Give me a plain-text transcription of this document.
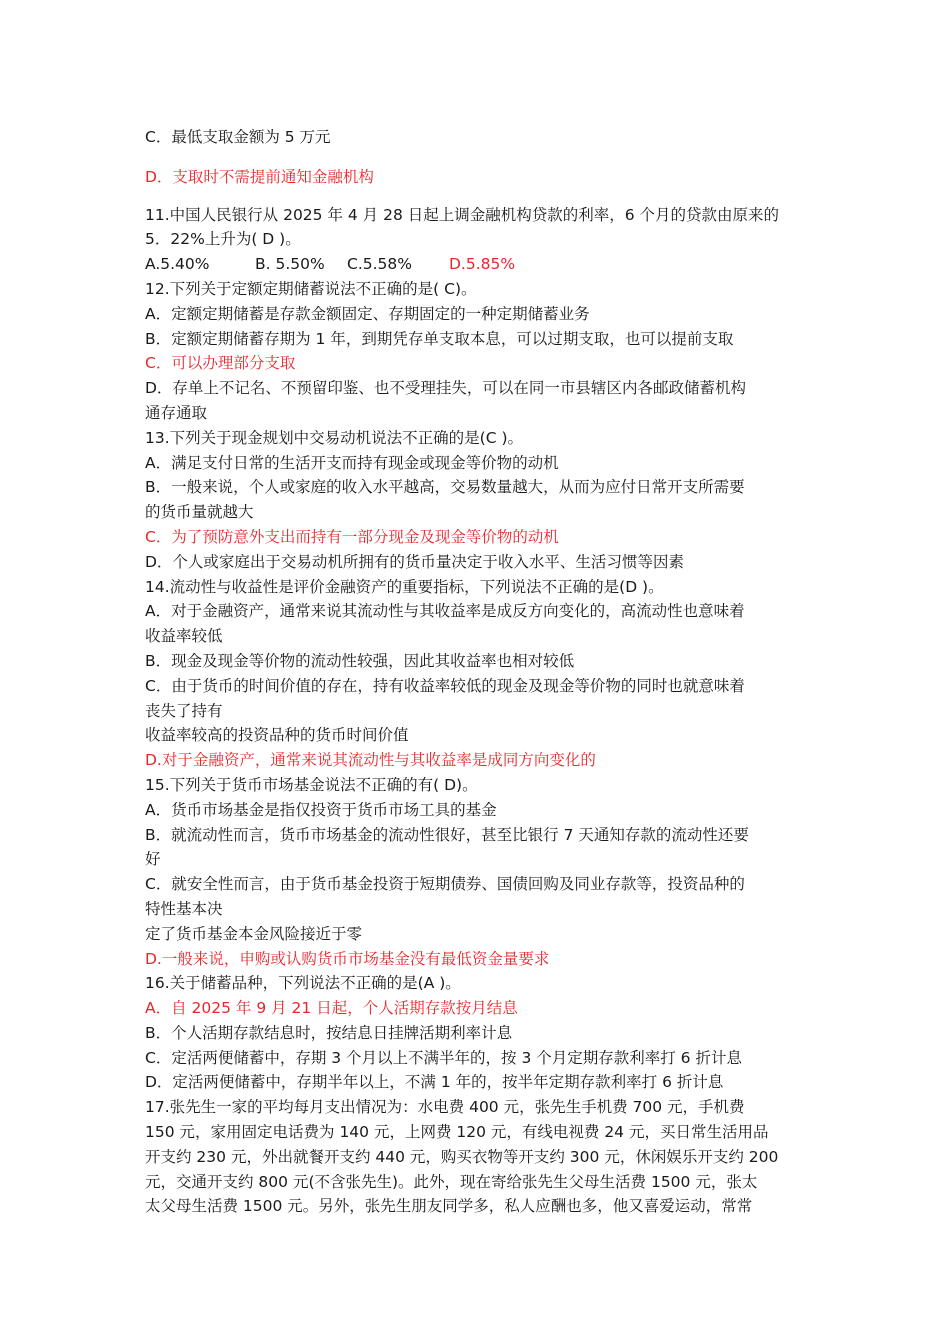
C．最低支取金额为 5 万元
D．支取时不需提前通知金融机构
11.中国人民银行从 2025 年 4 月 28 日起上调金融机构贷款的利率，6 个月的贷款由原来的
5．22%上升为( D )。
A.5.40%	B. 5.50% C.5.58% D.5.85%
12.下列关于定额定期储蓄说法不正确的是( C)。
A．定额定期储蓄是存款金额固定、存期固定的一种定期储蓄业务
B．定额定期储蓄存期为 1 年，到期凭存单支取本息，可以过期支取，也可以提前支取
C．可以办理部分支取
D．存单上不记名、不预留印鉴、也不受理挂失，可以在同一市县辖区内各邮政储蓄机构
通存通取
13.下列关于现金规划中交易动机说法不正确的是(C )。
A．满足支付日常的生活开支而持有现金或现金等价物的动机
B．一般来说，个人或家庭的收入水平越高，交易数量越大，从而为应付日常开支所需要
的货币量就越大
C．为了预防意外支出而持有一部分现金及现金等价物的动机
D．个人或家庭出于交易动机所拥有的货币量决定于收入水平、生活习惯等因素
14.流动性与收益性是评价金融资产的重要指标，下列说法不正确的是(D )。
A．对于金融资产，通常来说其流动性与其收益率是成反方向变化的，高流动性也意味着
收益率较低
B．现金及现金等价物的流动性较强，因此其收益率也相对较低
C．由于货币的时间价值的存在，持有收益率较低的现金及现金等价物的同时也就意味着
丧失了持有
收益率较高的投资品种的货币时间价值
D.对于金融资产，通常来说其流动性与其收益率是成同方向变化的
15.下列关于货币市场基金说法不正确的有( D)。
A．货币市场基金是指仅投资于货币市场工具的基金
B．就流动性而言，货币市场基金的流动性很好，甚至比银行 7 天通知存款的流动性还要
好
C．就安全性而言，由于货币基金投资于短期债券、国债回购及同业存款等，投资品种的
特性基本决
定了货币基金本金风险接近于零
D.一般来说，申购或认购货币市场基金没有最低资金量要求
16.关于储蓄品种，下列说法不正确的是(A )。
A．自 2025 年 9 月 21 日起，个人活期存款按月结息
B．个人活期存款结息时，按结息日挂牌活期利率计息
C．定活两便储蓄中，存期 3 个月以上不满半年的，按 3 个月定期存款利率打 6 折计息
D．定活两便储蓄中，存期半年以上，不满 1 年的，按半年定期存款利率打 6 折计息
17.张先生一家的平均每月支出情况为：水电费 400 元，张先生手机费 700 元，手机费
150 元，家用固定电话费为 140 元，上网费 120 元，有线电视费 24 元，买日常生活用品
开支约 230 元，外出就餐开支约 440 元，购买衣物等开支约 300 元，休闲娱乐开支约 200
元，交通开支约 800 元(不含张先生)。此外，现在寄给张先生父母生活费 1500 元，张太
太父母生活费 1500 元。另外，张先生朋友同学多，私人应酬也多，他又喜爱运动，常常
